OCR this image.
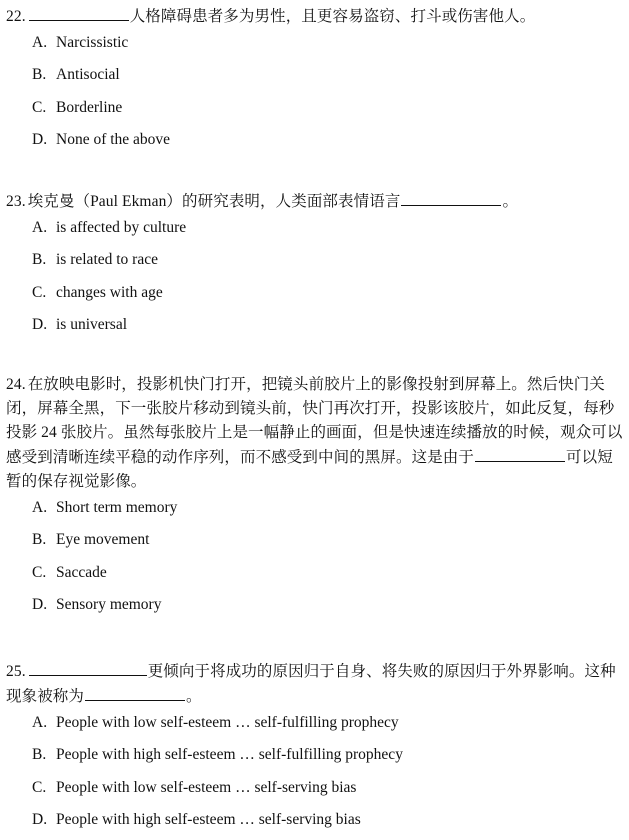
22.	人格障碍患者多为男性，且更容易盗窃、打斗或伤害他人。
A. Narcissistic
B. Antisocial
C. Borderline
D. None of the above
23. 埃克曼（Paul Ekman）的研究表明，人类面部表情语言	。
A. is affected by culture
B. is related to race
C. changes with age
D. is universal
24. 在放映电影时，投影机快门打开，把镜头前胶片上的影像投射到屏幕上。然后快门关闭，屏幕全黑，下一张胶片移动到镜头前，快门再次打开，投影该胶片，如此反复，每秒投影 24 张胶片。虽然每张胶片上是一幅静止的画面，但是快速连续播放的时候，观众可以感受到清晰连续平稳的动作序列，而不感受到中间的黑屏。这是由于	可以短暂的保存视觉影像。
A. Short term memory
B. Eye movement
C. Saccade
D. Sensory memory
25.	更倾向于将成功的原因归于自身、将失败的原因归于外界影响。这种现象被称为	。
A. People with low self-esteem … self-fulfilling prophecy
B. People with high self-esteem … self-fulfilling prophecy
C. People with low self-esteem … self-serving bias
D. People with high self-esteem … self-serving bias
